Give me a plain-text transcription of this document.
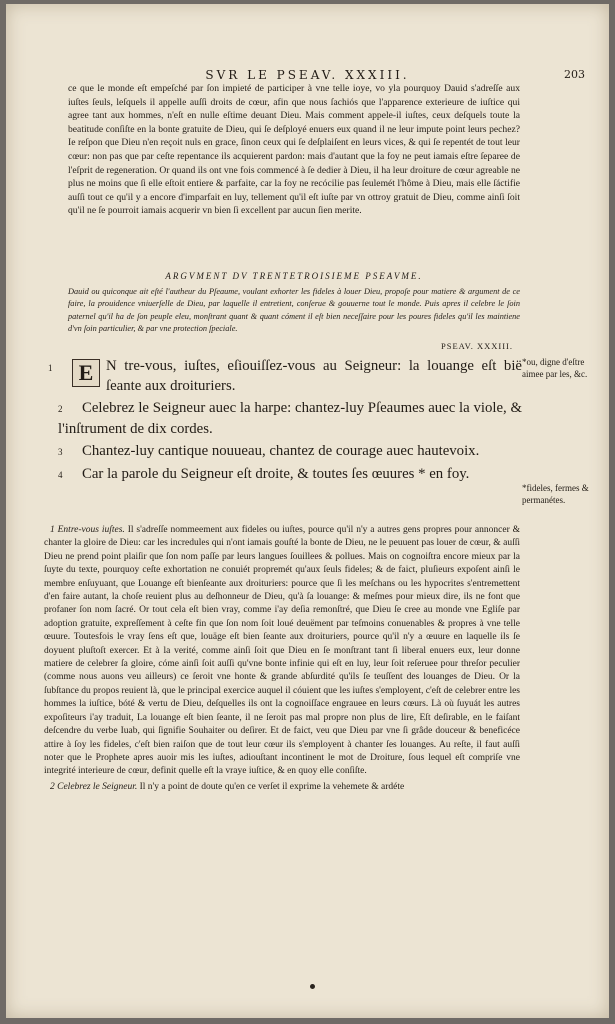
SVR LE PSEAV. XXXIII.	203
ce que le monde eſt empeſché par ſon impieté de participer à vne telle ioye, vo yla pourquoy Dauid s'adreſſe aux iuſtes ſeuls, leſquels il appelle auſſi droits de cœur, afin que nous ſachiós que l'apparence exterieure de iuſtice qui agree tant aux hommes, n'eſt en nulle eſtime deuant Dieu. Mais comment appele-il iuſtes, ceux deſquels toute la beatitude conſiſte en la bonte gratuite de Dieu, qui ſe deſployé enuers eux quand il ne leur impute point leurs pechez? Ie reſpon que Dieu n'en reçoit nuls en grace, ſinon ceux qui ſe deſplaiſent en leurs vices, & qui ſe repentét de tout leur cœur: non pas que par ceſte repentance ils acquierent pardon: mais d'autant que la foy ne peut iamais eſtre ſeparee de l'eſprit de regeneration. Or quand ils ont vne fois commencé à ſe dedier à Dieu, il ha leur droiture de cœur agreable ne plus ne moins que ſi elle eſtoit entiere & parfaite, car la foy ne recócilie pas ſeulemét l'hôme à Dieu, mais elle ſáctifie auſſi tout ce qu'il y a encore d'imparfait en luy, tellement qu'il eſt iuſte par vn ottroy gratuit de Dieu, comme ainſi ſoit qu'il ne ſe pourroit iamais acquerir vn bien ſi excellent par aucun ſien merite.
ARGVMENT DV TRENTETROISIEME PSEAVME.
Dauid ou quiconque ait eſté l'autheur du Pſeaume, voulant exhorter les fideles à louer Dieu, propoſe pour matiere & argument de ce faire, la prouidence vniuerſelle de Dieu, par laquelle il entretient, conſerue & gouuerne tout le monde. Puis apres il celebre le ſoin paternel qu'il ha de ſon peuple eleu, monſtrant quant & quant cóment il eſt bien neceſſaire pour les poures fideles qu'il les maintiene d'vn ſoin particulier, & par vne protection ſpeciale.
PSEAV. XXXIII.
1	E N tre-vous, iuſtes, eſiouiſſez-vous au Seigneur: la louange eſt bië ſeante aux droituriers.
2 Celebrez le Seigneur auec la harpe: chantez-luy Pſeaumes auec la viole, & l'inſtrument de dix cordes.
3 Chantez-luy cantique nouueau, chantez de courage auec hautevoix.
4 Car la parole du Seigneur eſt droite, & toutes ſes œuures * en foy.
*ou, digne d'eſtre aimee par les, &c.
*fideles, fermes & permanétes.

1 Entre-vous iuſtes. Il s'adreſſe nommeement aux fideles ou iuſtes, pource qu'il n'y a autres gens propres pour annoncer & chanter la gloire de Dieu: car les incredules qui n'ont iamais gouſté la bonte de Dieu, ne le peuuent pas louer de cœur, & auſſi Dieu ne prend point plaiſir que ſon nom paſſe par leurs langues ſouillees & pollues. Mais on cognoiſtra encore mieux par la ſuyte du texte, pourquoy ceſte exhortation ne conuiét propremét qu'aux ſeuls fideles; & de faict, pluſieurs expoſent ainſi le membre enſuyuant, que Louange eſt bienſeante aux droituriers: pource que ſi les meſchans ou les hypocrites s'entremettent d'en faire autant, la choſe reuient plus au deſhonneur de Dieu, qu'à ſa louange: & meſmes pour mieux dire, ils ne font que profaner ſon nom ſacré. Or tout cela eſt bien vray, comme i'ay deſia remonſtré, que Dieu ſe cree au monde vne Egliſe par adoption gratuite, expreſſement à ceſte fin que ſon nom ſoit loué deuëment par teſmoins conuenables & propres à vne telle œuure. Toutesfois le vray ſens eſt que, louäge eſt bien ſeante aux droituriers, pource qu'il n'y a œuure en laquelle ils ſe doyuent pluſtoſt exercer. Et à la verité, comme ainſi ſoit que Dieu en ſe monſtrant tant ſi liberal enuers eux, leur donne matiere de celebrer ſa gloire, cóme ainſi ſoit auſſi qu'vne bonte infinie qui eſt en luy, leur ſoit reſeruee pour threſor peculier (comme nous auons veu ailleurs) ce ſeroit vne honte & grande abſurdité qu'ils ſe teuſſent des louanges de Dieu. Or la ſubſtance du propos reuient là, que le principal exercice auquel il cóuient que les iuſtes s'employent, c'eſt de celebrer entre les hommes la iuſtice, bóté & vertu de Dieu, deſquelles ils ont la cognoiſſace engrauee en leurs cœurs. Là où ſuyuát les autres expoſiteurs i'ay traduit, La louange eſt bien ſeante, il ne ſeroit pas mal propre non plus de lire, Eſt deſirable, en le faiſant deſcendre du verbe Iuab, qui ſignifie Souhaiter ou deſirer. Et de faict, veu que Dieu par vne ſi grâde douceur & beneficéce attire à ſoy les fideles, c'eſt bien raiſon que de tout leur cœur ils s'employent à chanter ſes louanges. Au reſte, il faut auſſi noter que le Prophete apres auoir mis les iuſtes, adiouſtant incontinent le mot de Droiture, ſous lequel eſt compriſe vne integrité interieure de cœur, definit quelle eſt la vraye iuſtice, & en quoy elle conſiſte.

2 Celebrez le Seigneur. Il n'y a point de doute qu'en ce verſet il exprime la vehemete & ardéte
